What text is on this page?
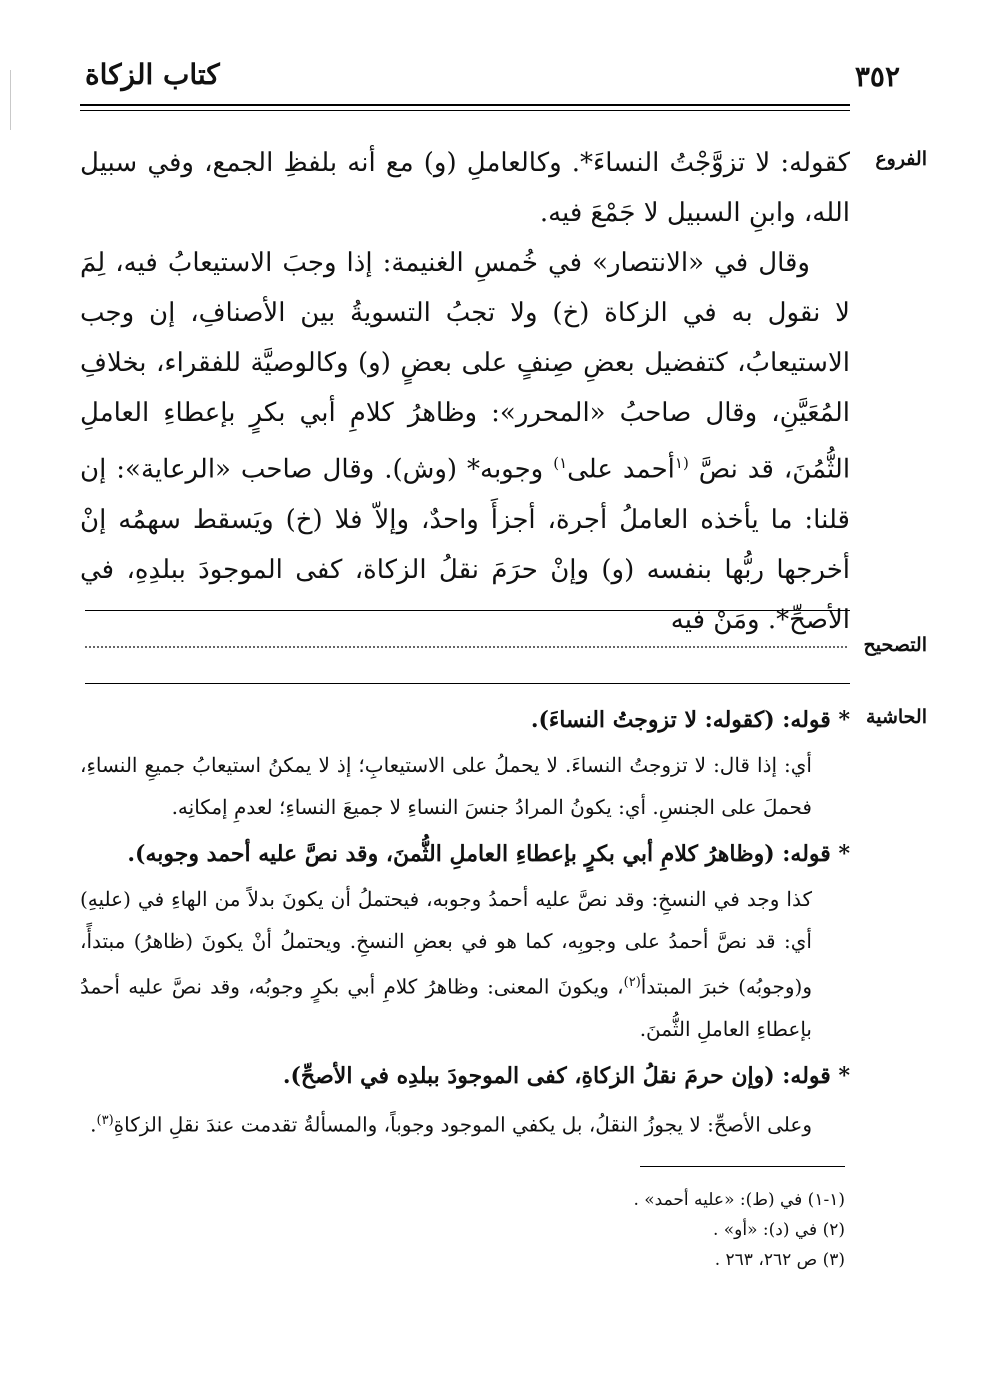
٣٥٢
كتاب الزكاة
الفروع
التصحيح
الحاشية

كقوله: لا تزوَّجْتُ النساءَ*. وكالعاملِ (و) مع أنه بلفظِ الجمع، وفي سبيل الله، وابنِ السبيل لا جَمْعَ فيه.

وقال في «الانتصار» في خُمسِ الغنيمة: إذا وجبَ الاستيعابُ فيه، لِمَ لا نقول به في الزكاة (خ) ولا تجبُ التسويةُ بين الأصنافِ، إن وجب الاستيعابُ، كتفضيل بعضِ صِنفٍ على بعضٍ (و) وكالوصيَّة للفقراء، بخلافِ المُعَيَّنِ، وقال صاحبُ «المحرر»: وظاهرُ كلامِ أبي بكرٍ بإعطاءِ العاملِ الثُّمُنَ، قد نصَّ $^{(١}$أحمد على$^{١)}$ وجوبه* (وش). وقال صاحب «الرعاية»: إن قلنا: ما يأخذه العاملُ أجرة، أجزأَ واحدٌ، وإلاّ فلا (خ) ويَسقط سهمُه إنْ أخرجها ربُّها بنفسه (و) وإنْ حرَمَ نقلُ الزكاة، كفى الموجودَ ببلدِهِ، في الأصحِّ*. ومَنْ فيه

* قوله: (كقوله: لا تزوجتُ النساءَ).

أي: إذا قال: لا تزوجتُ النساءَ. لا يحملُ على الاستيعابِ؛ إذ لا يمكنُ استيعابُ جميعِ النساءِ، فحملَ على الجنسِ. أي: يكونُ المرادُ جنسَ النساءِ لا جميعَ النساءِ؛ لعدمِ إمكانِه.

* قوله: (وظاهرُ كلامِ أبي بكرٍ بإعطاءِ العاملِ الثُّمنَ، وقد نصَّ عليه أحمد وجوبه).

كذا وجد في النسخِ: وقد نصَّ عليه أحمدُ وجوبه، فيحتملُ أن يكونَ بدلاً من الهاءِ في (عليهِ) أي: قد نصَّ أحمدُ على وجوبِه، كما هو في بعضِ النسخِ. ويحتملُ أنْ يكونَ (ظاهرُ) مبتدأً، و(وجوبُه) خبرَ المبتدأ$^{(٢)}$، ويكونَ المعنى: وظاهرُ كلامِ أبي بكرٍ وجوبُه، وقد نصَّ عليه أحمدُ بإعطاءِ العاملِ الثُّمنَ.

* قوله: (وإن حرمَ نقلُ الزكاةِ، كفى الموجودَ ببلدِه في الأصحِّ).

وعلى الأصحِّ: لا يجوزُ النقلُ، بل يكفي الموجود وجوباً، والمسألةُ تقدمت عندَ نقلِ الزكاةِ$^{(٣)}$.

(١-١) في (ط): «عليه أحمد» .
(٢) في (د): «أو» .
(٣) ص ٢٦٢، ٢٦٣ .
